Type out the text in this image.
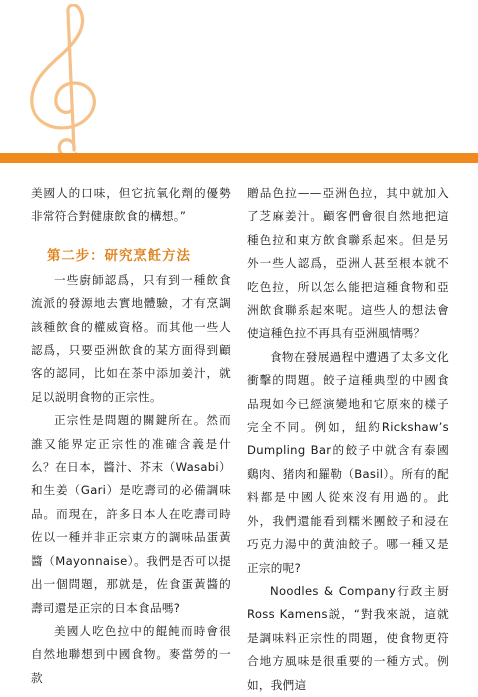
美國人的口味，但它抗氧化劑的優勢非常符合對健康飲食的構想。”

第二步：研究烹飪方法

一些廚師認爲，只有到一種飲食流派的發源地去實地體驗，才有烹調該種飲食的權威資格。而其他一些人認爲，只要亞洲飲食的某方面得到顧客的認同，比如在茶中添加姜汁，就足以説明食物的正宗性。

正宗性是問題的關鍵所在。然而誰又能界定正宗性的准確含義是什么？在日本，醬汁、芥末（Wasabi）和生姜（Gari）是吃壽司的必備調味品。而現在，許多日本人在吃壽司時佐以一種并非正宗東方的調味品蛋黃醬（Mayonnaise）。我們是否可以提出一個問題，那就是，佐食蛋黃醬的壽司還是正宗的日本食品嗎?

美國人吃色拉中的餛飩而時會很自然地聯想到中國食物。麥當勞的一款

贈品色拉——亞洲色拉，其中就加入了芝麻姜汁。顧客們會很自然地把這種色拉和東方飲食聯系起來。但是另外一些人認爲，亞洲人甚至根本就不吃色拉，所以怎么能把這種食物和亞洲飲食聯系起來呢。這些人的想法會使這種色拉不再具有亞洲風情嗎？

食物在發展過程中遭遇了太多文化衝擊的問題。餃子這種典型的中國食品現如今已經演變地和它原來的樣子完全不同。例如，紐約Rickshaw’s Dumpling Bar的餃子中就含有泰國鷄肉、猪肉和羅勒（Basil）。所有的配料都是中國人從來沒有用過的。此外，我們還能看到糯米團餃子和浸在巧克力湯中的黄油餃子。哪一種又是正宗的呢?

Noodles & Company行政主厨Ross Kamens説，“對我來説，這就是調味料正宗性的問題，使食物更符合地方風味是很重要的一種方式。例如，我們這
